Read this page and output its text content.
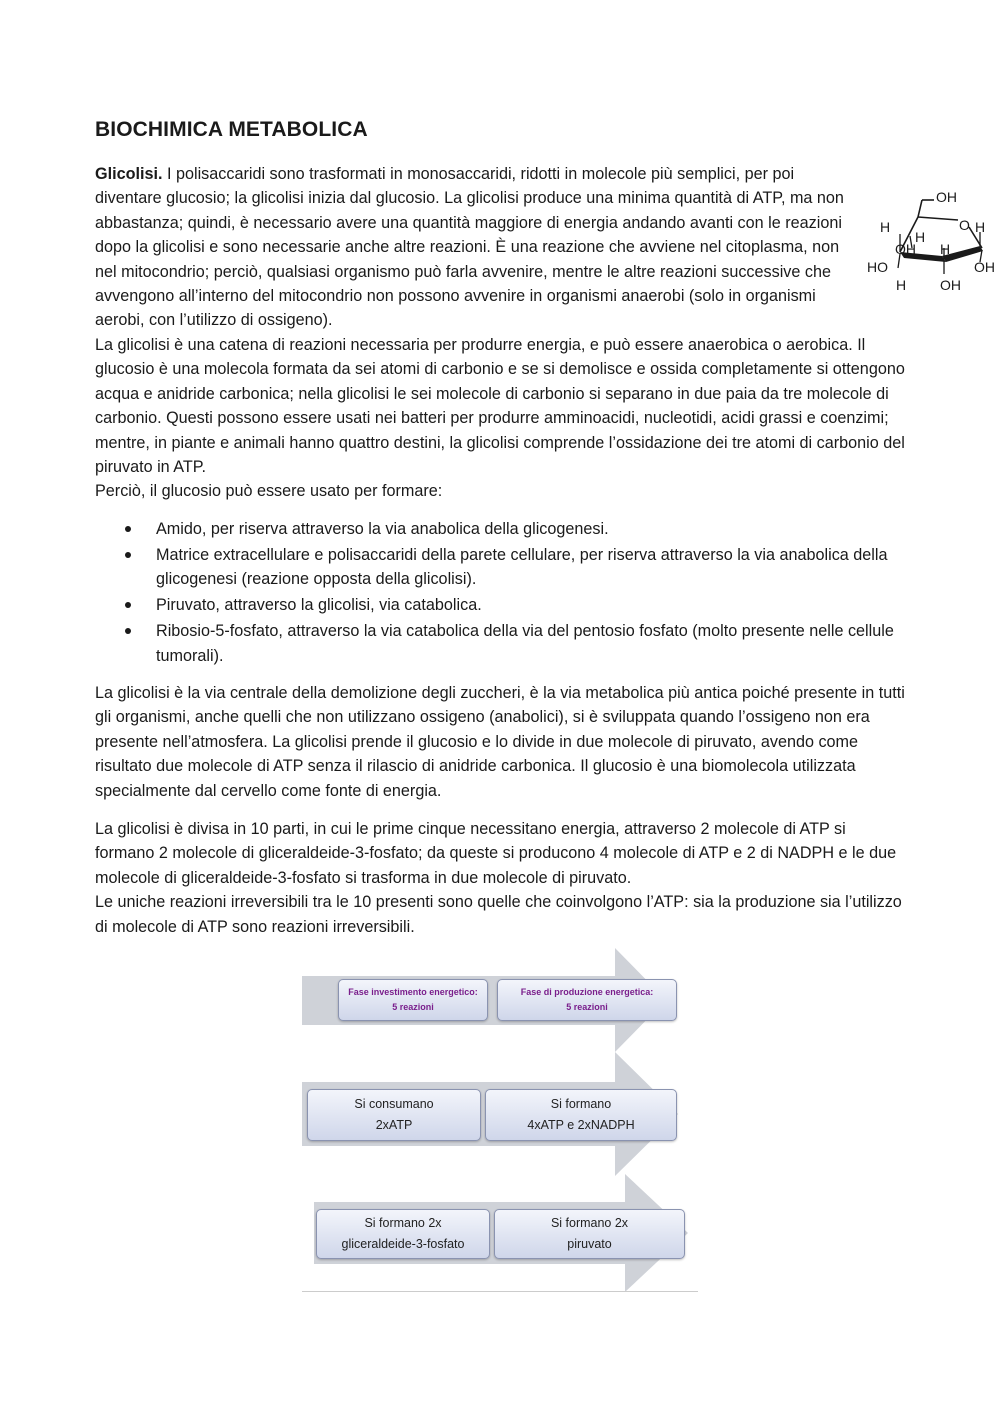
BIOCHIMICA METABOLICA

Glicolisi. I polisaccaridi sono trasformati in monosaccaridi, ridotti in molecole più semplici, per poi diventare glucosio; la glicolisi inizia dal glucosio. La glicolisi produce una minima quantità di ATP, ma non abbastanza; quindi, è necessario avere una quantità maggiore di energia andando avanti con le reazioni dopo la glicolisi e sono necessarie anche altre reazioni. È una reazione che avviene nel citoplasma, non nel mitocondrio; perciò, qualsiasi organismo può farla avvenire, mentre le altre reazioni successive che avvengono all’interno del mitocondrio non possono avvenire in organismi anaerobi (solo in organismi aerobi, con l’utilizzo di ossigeno).

OH
O H
H
H
OH H
HO	OH
H OH
La glicolisi è una catena di reazioni necessaria per produrre energia, e può essere anaerobica o aerobica. Il glucosio è una molecola formata da sei atomi di carbonio e se si demolisce e ossida completamente si ottengono acqua e anidride carbonica; nella glicolisi le sei molecole di carbonio si separano in due paia da tre molecole di carbonio. Questi possono essere usati nei batteri per produrre amminoacidi, nucleotidi, acidi grassi e coenzimi; mentre, in piante e animali hanno quattro destini, la glicolisi comprende l’ossidazione dei tre atomi di carbonio del piruvato in ATP.
Perciò, il glucosio può essere usato per formare:
Amido, per riserva attraverso la via anabolica della glicogenesi.
Matrice extracellulare e polisaccaridi della parete cellulare, per riserva attraverso la via anabolica della glicogenesi (reazione opposta della glicolisi).
Piruvato, attraverso la glicolisi, via catabolica.
Ribosio-5-fosfato, attraverso la via catabolica della via del pentosio fosfato (molto presente nelle cellule tumorali).

La glicolisi è la via centrale della demolizione degli zuccheri, è la via metabolica più antica poiché presente in tutti gli organismi, anche quelli che non utilizzano ossigeno (anabolici), si è sviluppata quando l’ossigeno non era presente nell’atmosfera. La glicolisi prende il glucosio e lo divide in due molecole di piruvato, avendo come risultato due molecole di ATP senza il rilascio di anidride carbonica. Il glucosio è una biomolecola utilizzata specialmente dal cervello come fonte di energia.

La glicolisi è divisa in 10 parti, in cui le prime cinque necessitano energia, attraverso 2 molecole di ATP si formano 2 molecole di gliceraldeide-3-fosfato; da queste si producono 4 molecole di ATP e 2 di NADPH e le due molecole di gliceraldeide-3-fosfato si trasforma in due molecole di piruvato.
Le uniche reazioni irreversibili tra le 10 presenti sono quelle che coinvolgono l’ATP: sia la produzione sia l’utilizzo di molecole di ATP sono reazioni irreversibili.
Fase investimento energetico:
5 reazioni
Fase di produzione energetica:
5 reazioni
Si consumano
2xATP
Si formano
4xATP e 2xNADPH
Si formano 2x
gliceraldeide-3-fosfato
Si formano 2x
piruvato
